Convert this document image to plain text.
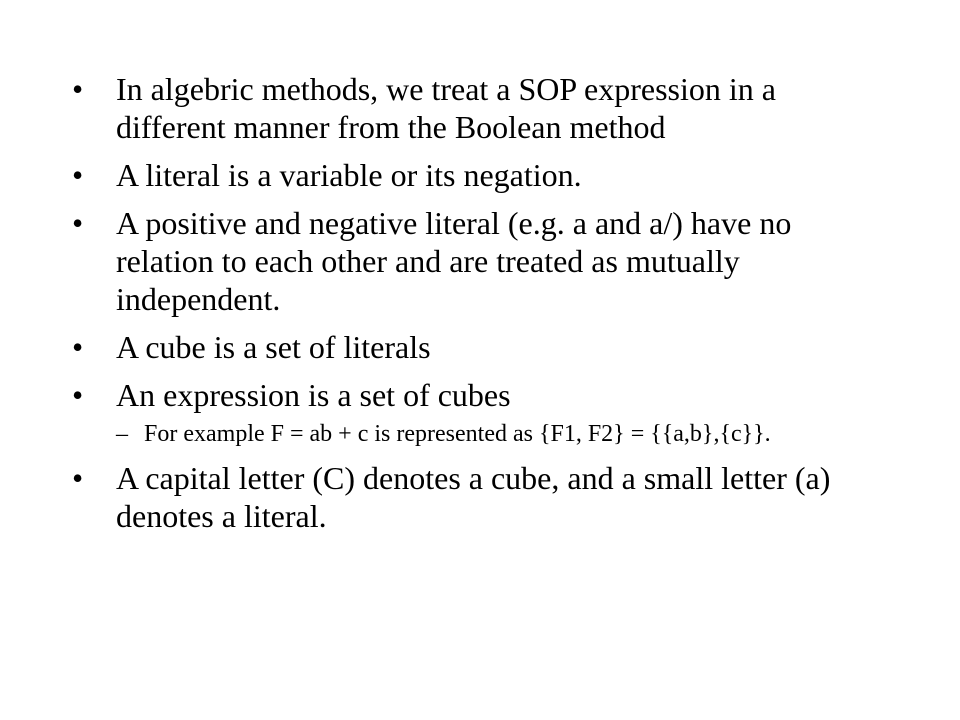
•	In algebric methods, we treat a SOP expression in a different manner from the Boolean method
•	A literal is a variable or its negation.
•	A positive and negative literal (e.g. a and a/) have no relation to each other and are treated as mutually independent.
•	A cube is a set of literals
•	An expression is a set of cubes
– For example F = ab + c is represented as {F1, F2} = {{a,b},{c}}.
•	A capital letter (C) denotes a cube, and a small letter (a) denotes a literal.
